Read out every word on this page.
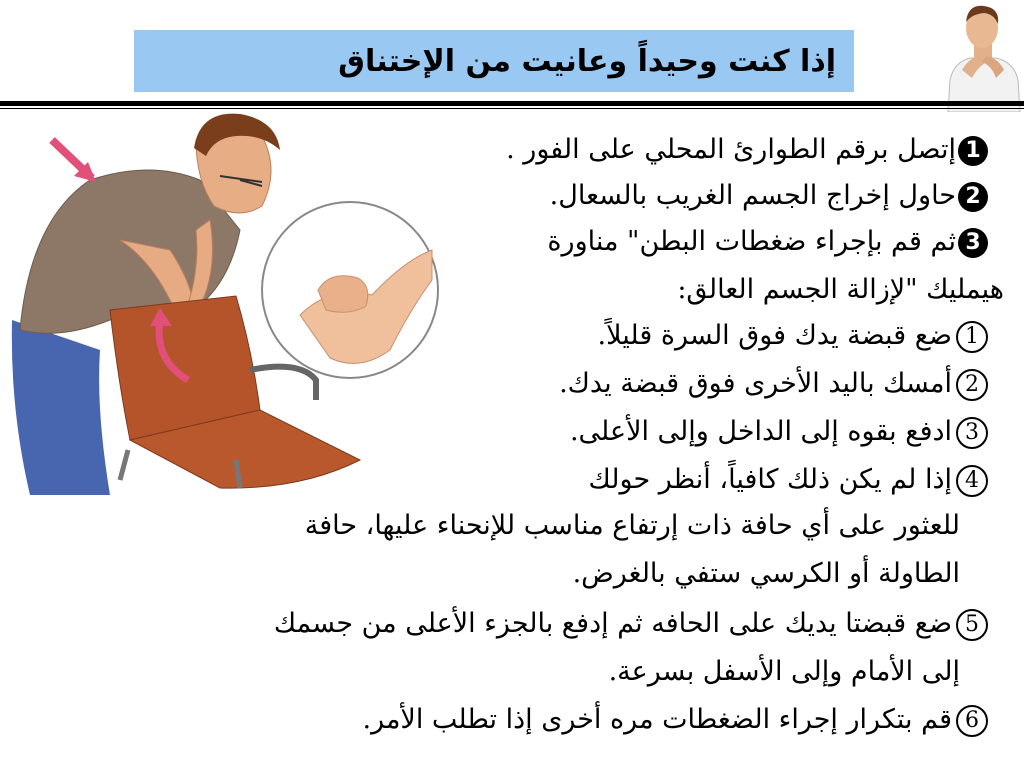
إذا كنت وحيداً وعانيت من الإختناق
1إتصل برقم الطوارئ المحلي على الفور .
2حاول إخراج الجسم الغريب بالسعال.
3ثم قم بإجراء ضغطات البطن" مناورة
هيمليك "لإزالة الجسم العالق:
1ضع قبضة يدك فوق السرة قليلاً.
2أمسك باليد الأخرى فوق قبضة يدك.
3ادفع بقوه إلى الداخل وإلى الأعلى.
4إذا لم يكن ذلك كافياً، أنظر حولك
للعثور على أي حافة ذات إرتفاع مناسب للإنحناء عليها، حافة
الطاولة أو الكرسي ستفي بالغرض.
5ضع قبضتا يديك على الحافه ثم إدفع بالجزء الأعلى من جسمك
إلى الأمام وإلى الأسفل بسرعة.
6قم بتكرار إجراء الضغطات مره أخرى إذا تطلب الأمر.
